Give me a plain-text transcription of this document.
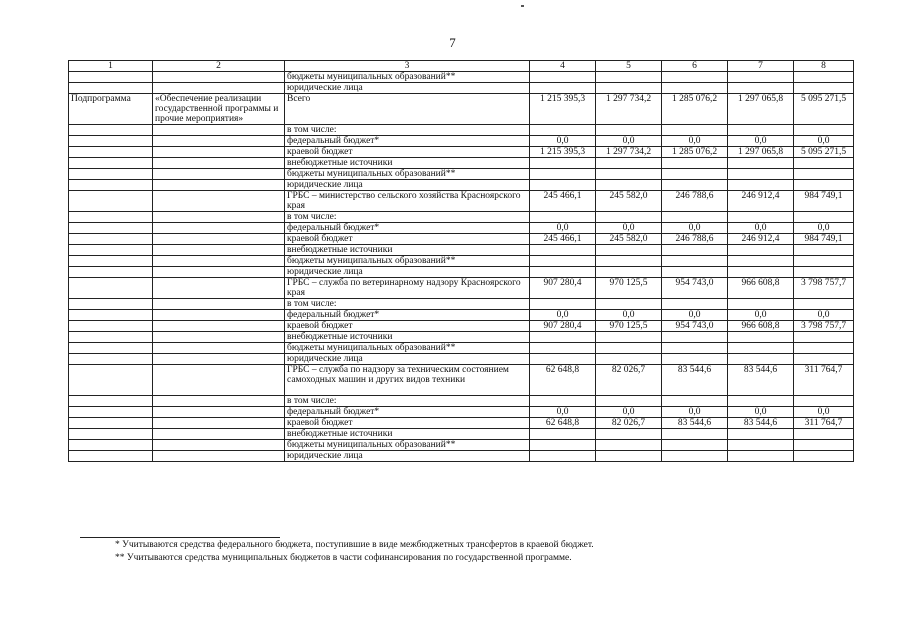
7
1	2	3	4	5	6	7	8
		бюджеты муниципальных образований**					
		юридические лица					
Подпрограмма	«Обеспечение реализации государственной программы и прочие мероприятия»	Всего	1 215 395,3	1 297 734,2	1 285 076,2	1 297 065,8	5 095 271,5
		в том числе:					
		федеральный бюджет*	0,0	0,0	0,0	0,0	0,0
		краевой бюджет	1 215 395,3	1 297 734,2	1 285 076,2	1 297 065,8	5 095 271,5
		внебюджетные источники					
		бюджеты муниципальных образований**					
		юридические лица					
		ГРБС – министерство сельского хозяйства Красноярского края	245 466,1	245 582,0	246 788,6	246 912,4	984 749,1
		в том числе:					
		федеральный бюджет*	0,0	0,0	0,0	0,0	0,0
		краевой бюджет	245 466,1	245 582,0	246 788,6	246 912,4	984 749,1
		внебюджетные источники					
		бюджеты муниципальных образований**					
		юридические лица					
		ГРБС – служба по ветеринарному надзору Красноярского края	907 280,4	970 125,5	954 743,0	966 608,8	3 798 757,7
		в том числе:					
		федеральный бюджет*	0,0	0,0	0,0	0,0	0,0
		краевой бюджет	907 280,4	970 125,5	954 743,0	966 608,8	3 798 757,7
		внебюджетные источники					
		бюджеты муниципальных образований**					
		юридические лица					
		ГРБС – служба по надзору за техническим состоянием самоходных машин и других видов техники	62 648,8	82 026,7	83 544,6	83 544,6	311 764,7
		в том числе:					
		федеральный бюджет*	0,0	0,0	0,0	0,0	0,0
		краевой бюджет	62 648,8	82 026,7	83 544,6	83 544,6	311 764,7
		внебюджетные источники					
		бюджеты муниципальных образований**					
		юридические лица					
* Учитываются средства федерального бюджета, поступившие в виде межбюджетных трансфертов в краевой бюджет.
** Учитываются средства муниципальных бюджетов в части софинансирования по государственной программе.
